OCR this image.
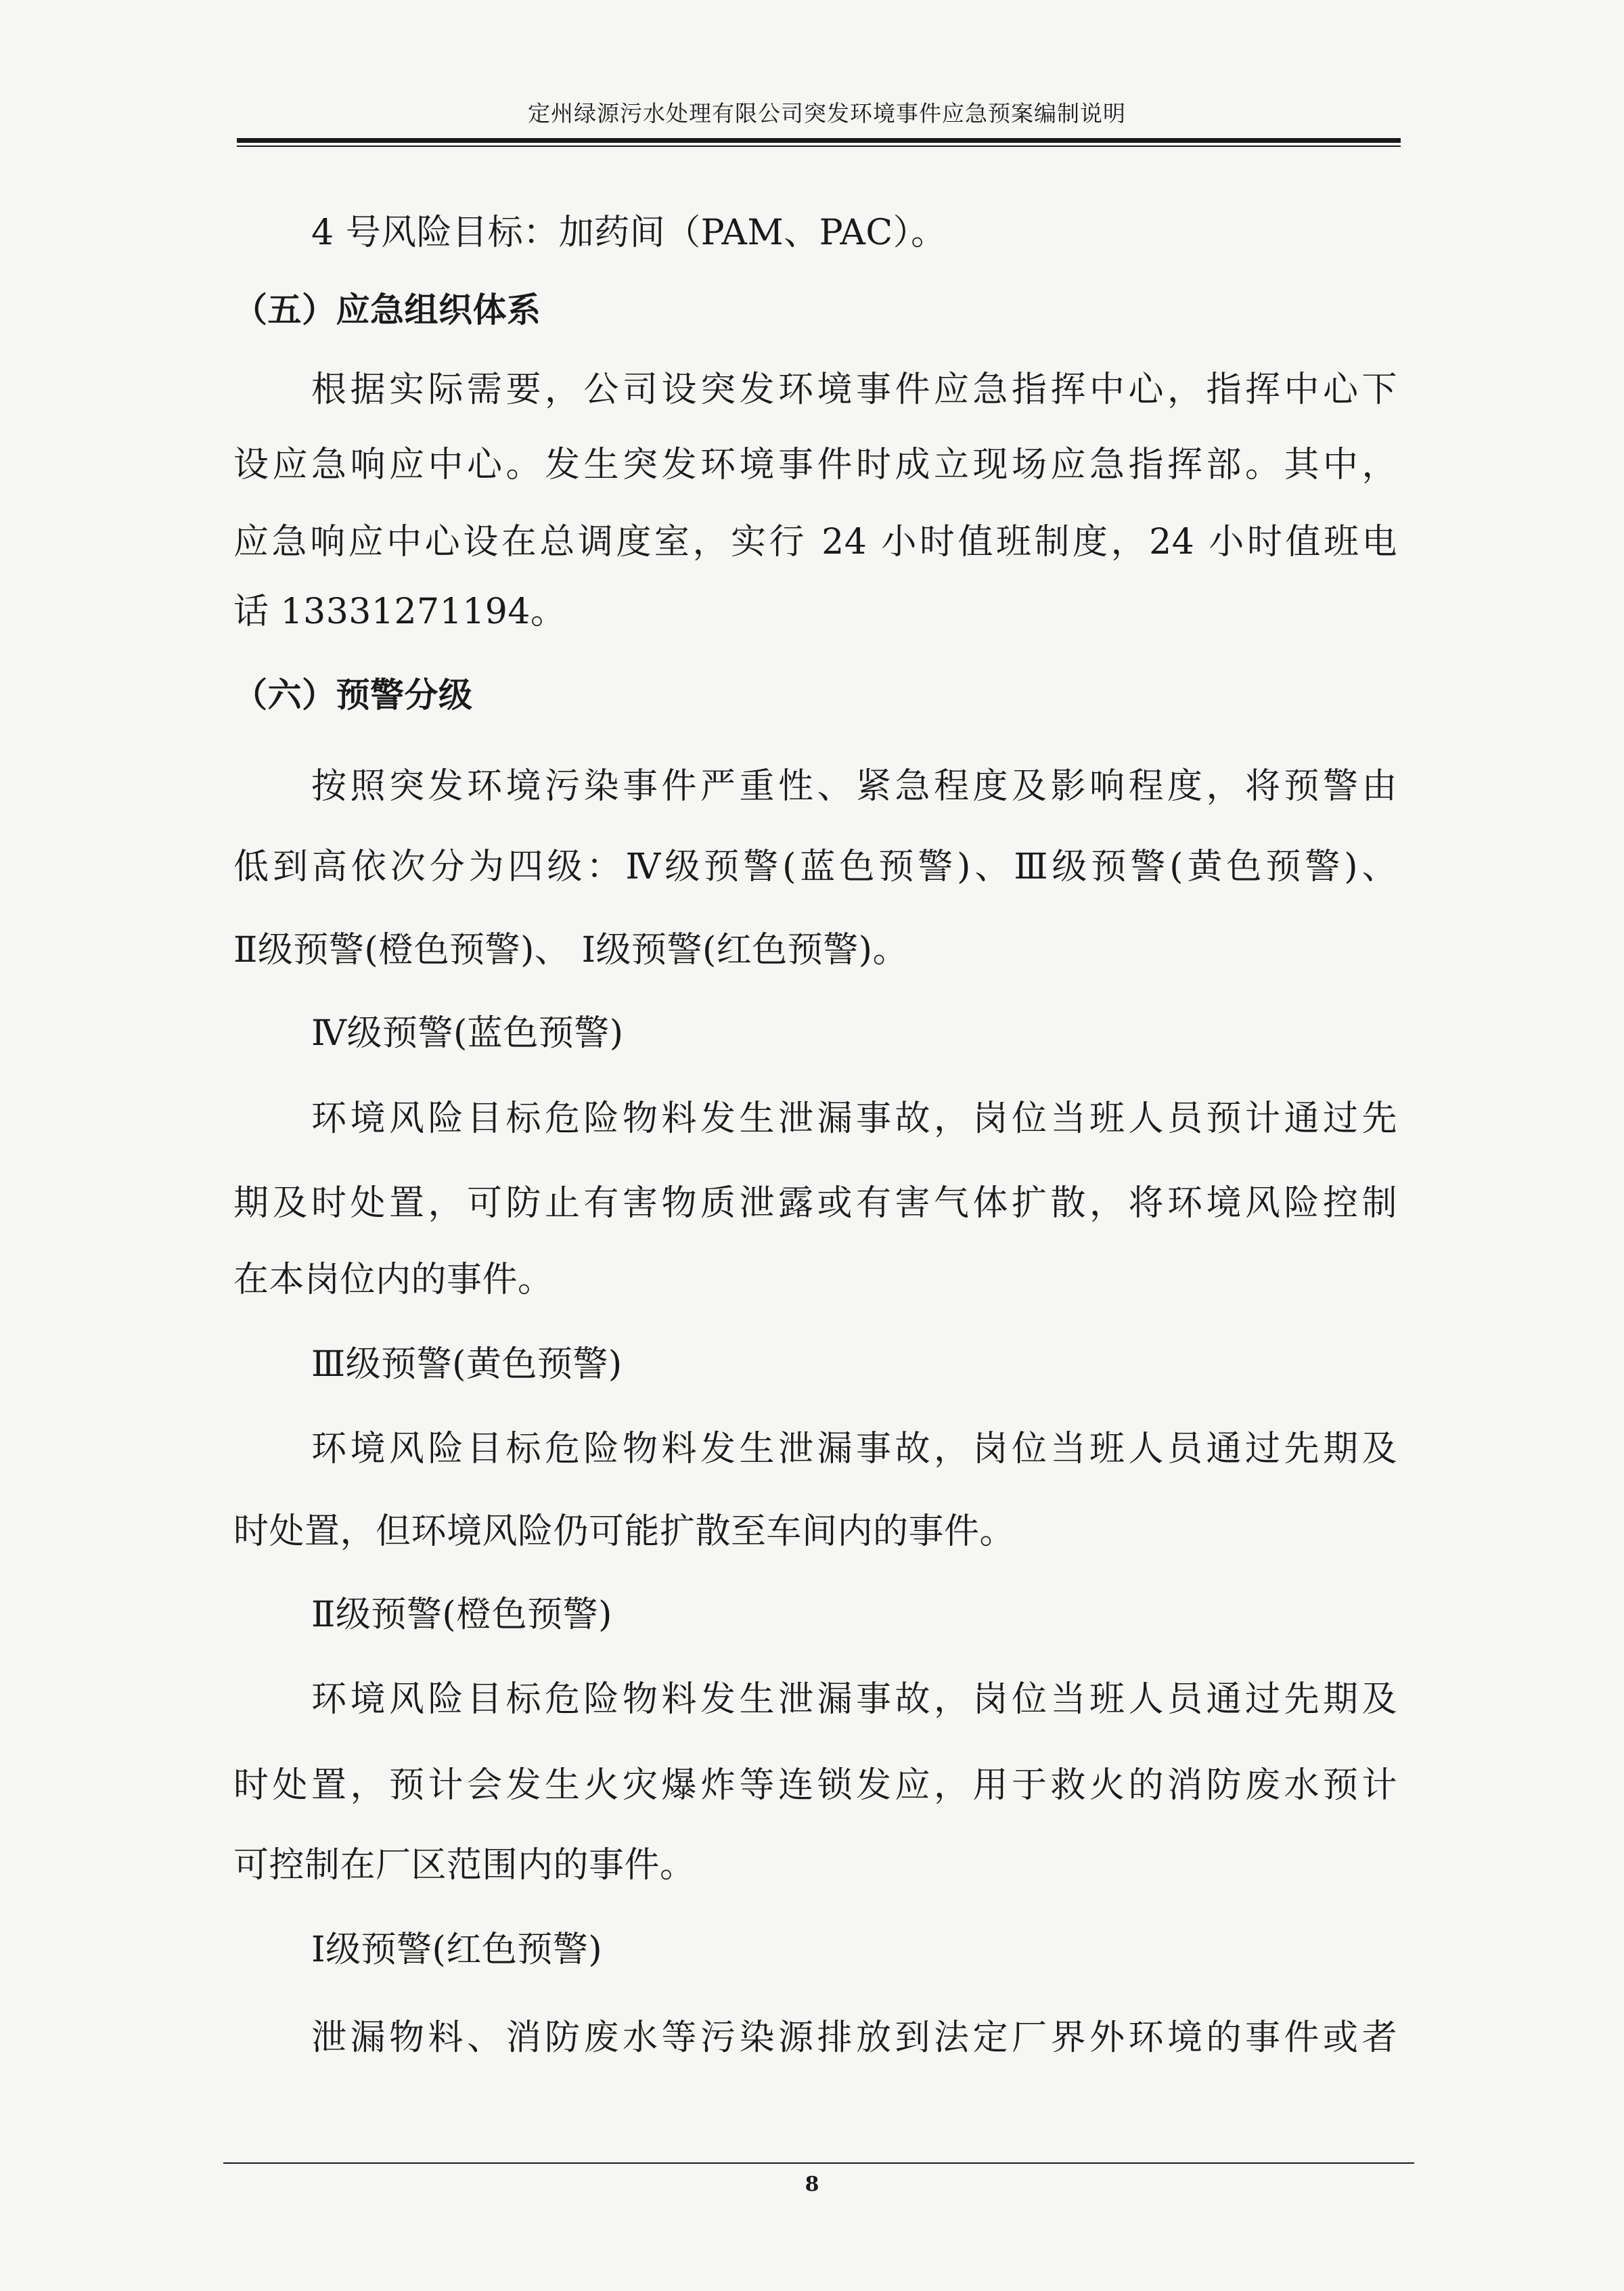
定州绿源污水处理有限公司突发环境事件应急预案编制说明
4 号风险目标：加药间（PAM、PAC）。
（五）应急组织体系
根据实际需要，公司设突发环境事件应急指挥中心，指挥中心下
设应急响应中心。发生突发环境事件时成立现场应急指挥部。其中，
应急响应中心设在总调度室，实行 24 小时值班制度，24 小时值班电
话 13331271194。
（六）预警分级
按照突发环境污染事件严重性、紧急程度及影响程度，将预警由
低到高依次分为四级：Ⅳ级预警(蓝色预警)、Ⅲ级预警(黄色预警)、
Ⅱ级预警(橙色预警)、 Ⅰ级预警(红色预警)。
Ⅳ级预警(蓝色预警)
环境风险目标危险物料发生泄漏事故，岗位当班人员预计通过先
期及时处置，可防止有害物质泄露或有害气体扩散，将环境风险控制
在本岗位内的事件。
Ⅲ级预警(黄色预警)
环境风险目标危险物料发生泄漏事故，岗位当班人员通过先期及
时处置，但环境风险仍可能扩散至车间内的事件。
Ⅱ级预警(橙色预警)
环境风险目标危险物料发生泄漏事故，岗位当班人员通过先期及
时处置，预计会发生火灾爆炸等连锁发应，用于救火的消防废水预计
可控制在厂区范围内的事件。
Ⅰ级预警(红色预警)
泄漏物料、消防废水等污染源排放到法定厂界外环境的事件或者
8
